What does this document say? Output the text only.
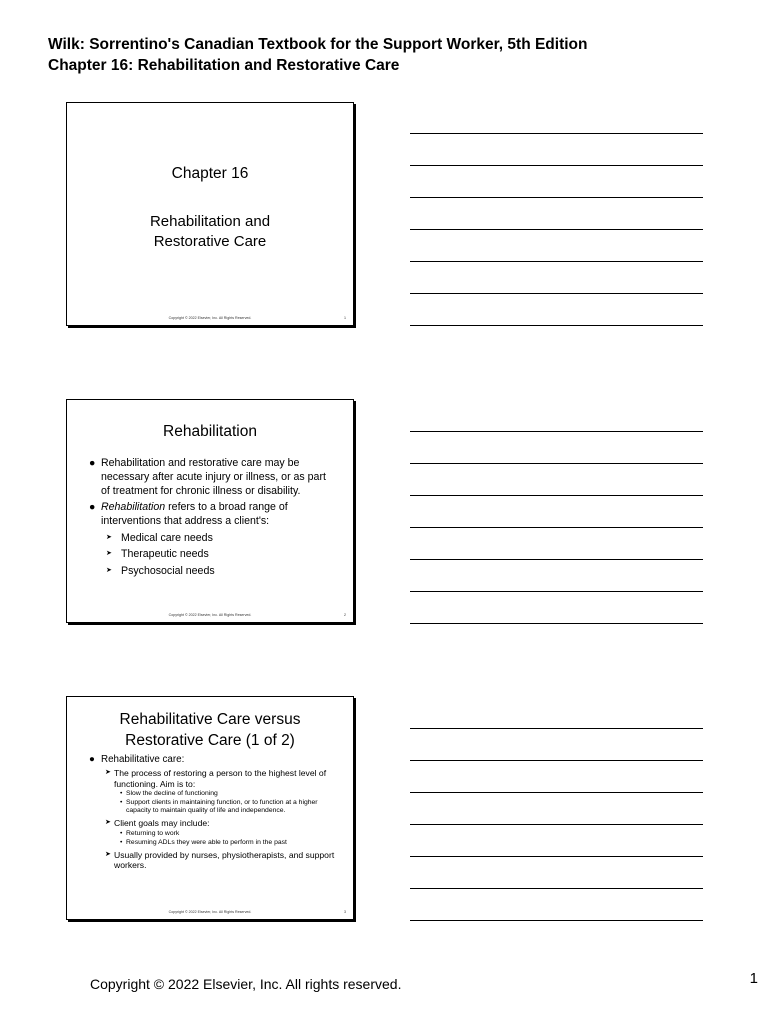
Wilk: Sorrentino's Canadian Textbook for the Support Worker, 5th Edition
Chapter 16: Rehabilitation and Restorative Care
Chapter 16
Rehabilitation and
Restorative Care
Copyright © 2022 Elsevier, Inc. All Rights Reserved.	1
Rehabilitation
● Rehabilitation and restorative care may be necessary after acute injury or illness, or as part of treatment for chronic illness or disability.
● Rehabilitation refers to a broad range of interventions that address a client's:
➤ Medical care needs
➤ Therapeutic needs
➤ Psychosocial needs
Copyright © 2022 Elsevier, Inc. All Rights Reserved.	2
Rehabilitative Care versus
Restorative Care (1 of 2)
● Rehabilitative care:
➤ The process of restoring a person to the highest level of functioning. Aim is to:
• Slow the decline of functioning
• Support clients in maintaining function, or to function at a higher capacity to maintain quality of life and independence.
➤ Client goals may include:
• Returning to work
• Resuming ADLs they were able to perform in the past
➤ Usually provided by nurses, physiotherapists, and support workers.
Copyright © 2022 Elsevier, Inc. All Rights Reserved.	3
Copyright © 2022 Elsevier, Inc. All rights reserved.	1
